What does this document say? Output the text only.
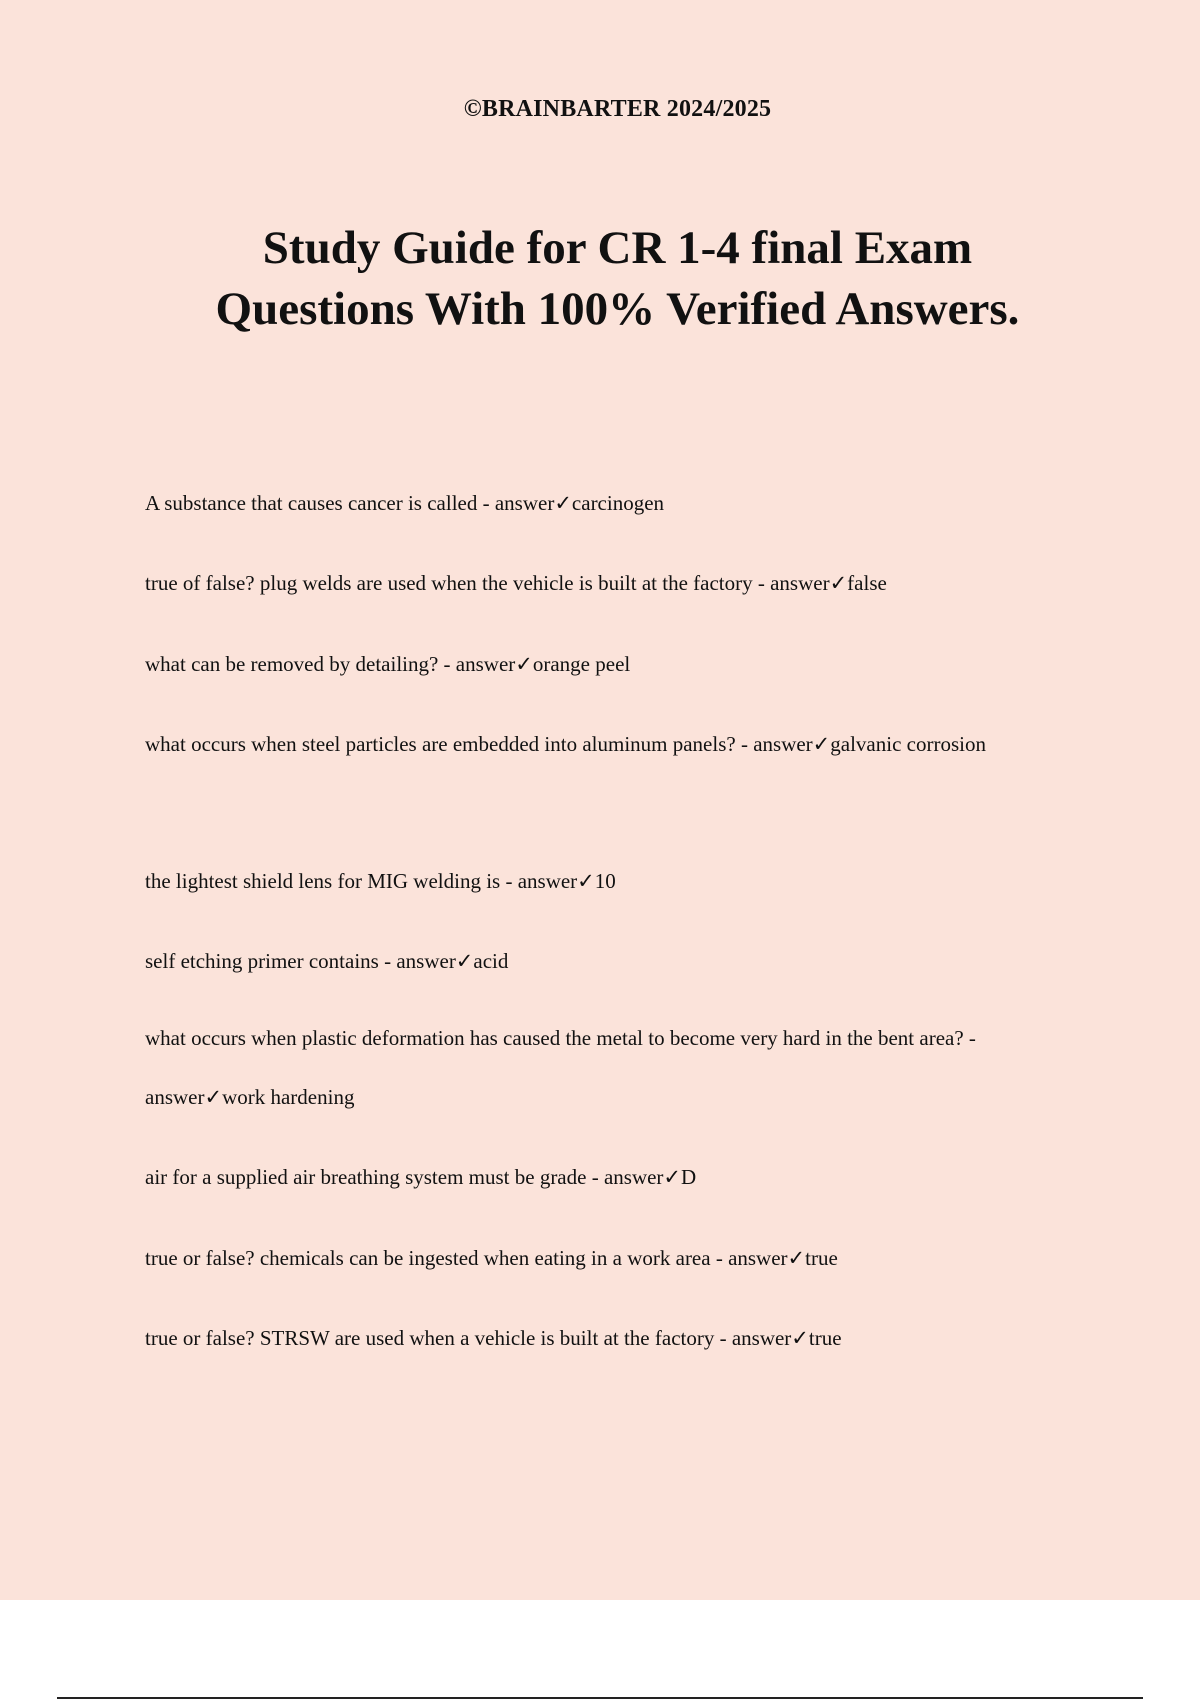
©BRAINBARTER 2024/2025
Study Guide for CR 1-4 final Exam
Questions With 100% Verified Answers.

A substance that causes cancer is called - answer✓carcinogen

true of false? plug welds are used when the vehicle is built at the factory - answer✓false

what can be removed by detailing? - answer✓orange peel

what occurs when steel particles are embedded into aluminum panels? - answer✓galvanic corrosion

the lightest shield lens for MIG welding is - answer✓10

self etching primer contains - answer✓acid

what occurs when plastic deformation has caused the metal to become very hard in the bent area? - answer✓work hardening

air for a supplied air breathing system must be grade - answer✓D

true or false? chemicals can be ingested when eating in a work area - answer✓true

true or false? STRSW are used when a vehicle is built at the factory - answer✓true
